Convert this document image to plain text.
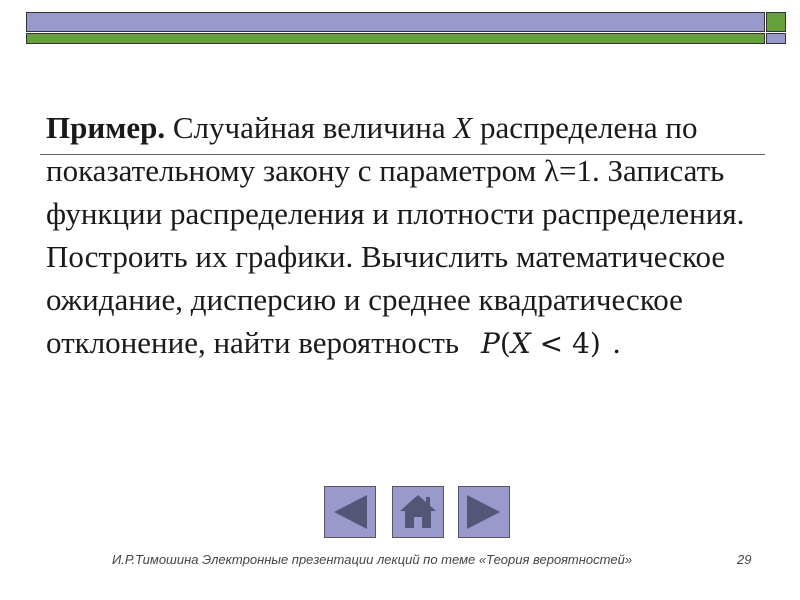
Пример. Случайная величина X распределена по показательному закону с параметром λ=1. Записать функции распределения и плотности распределения. Построить их графики. Вычислить математическое ожидание, дисперсию и среднее квадратическое отклонение, найти вероятность P(X < 4) .
И.Р.Тимошина Электронные презентации лекций по теме «Теория вероятностей»	29
